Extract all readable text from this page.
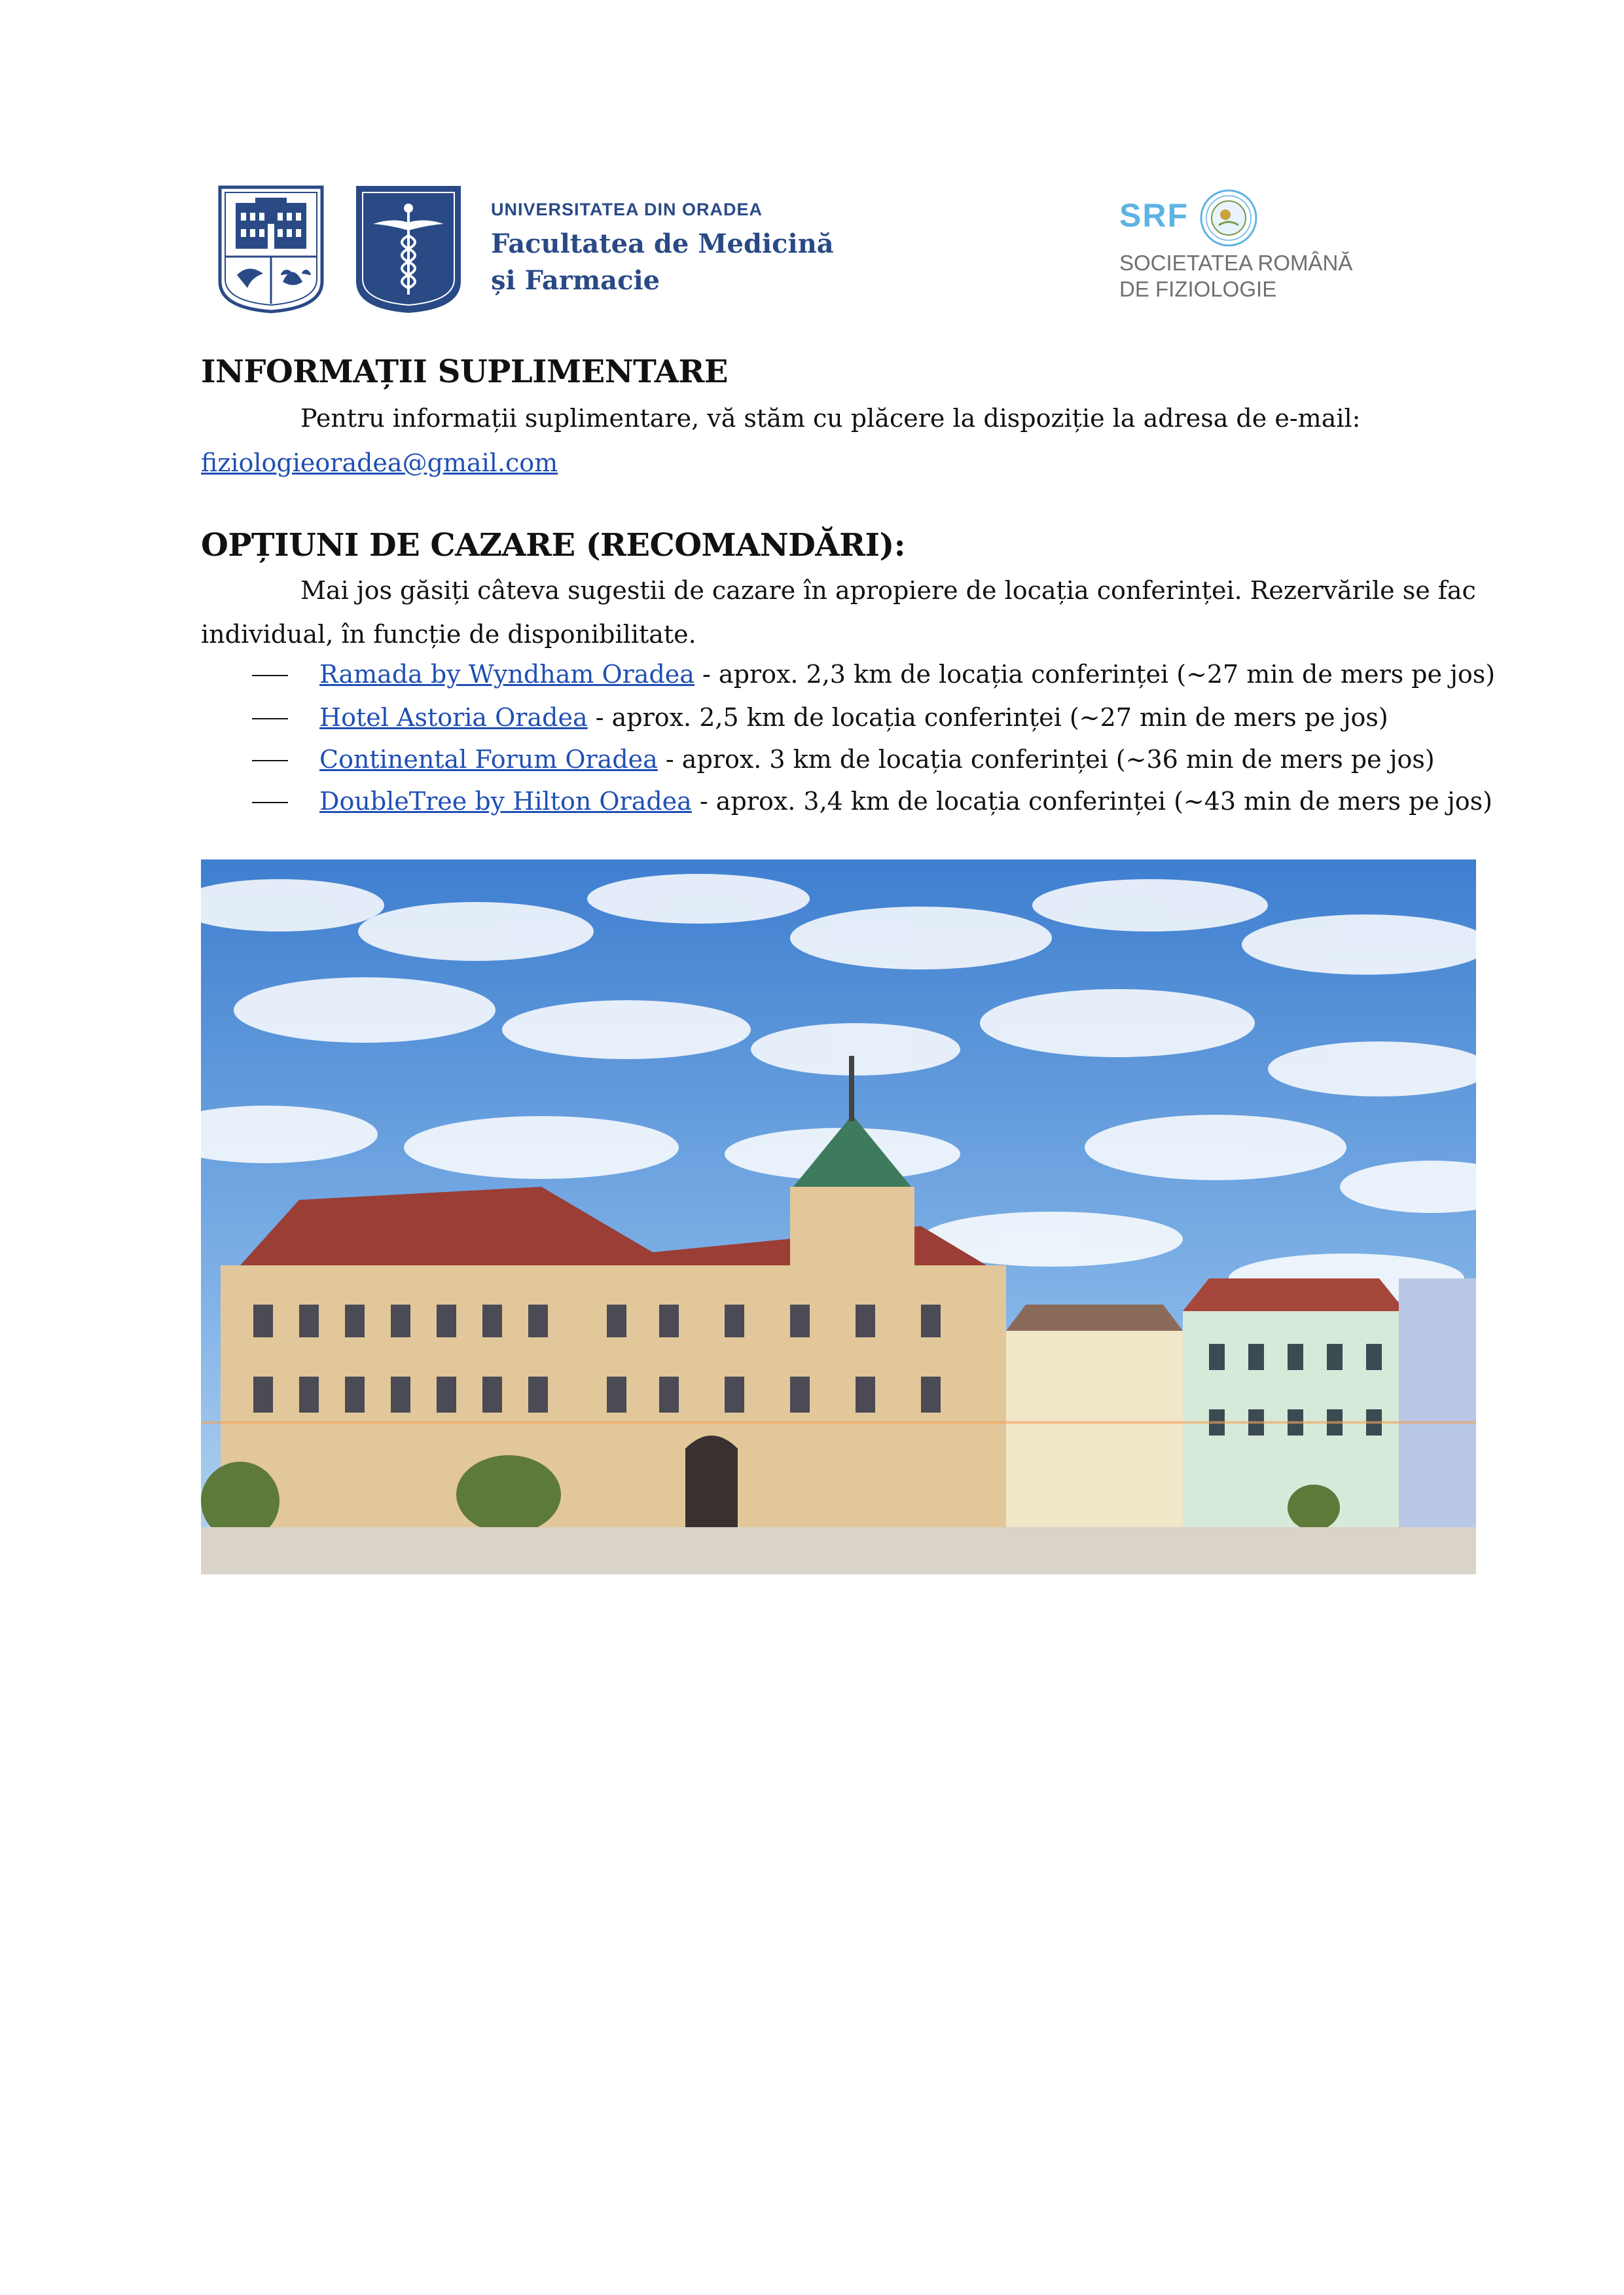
UNIVERSITATEA DIN ORADEA
Facultatea de Medicină
și Farmacie
SRF
SOCIETATEA ROMÂNĂ
DE FIZIOLOGIE
INFORMAȚII SUPLIMENTARE
Pentru informații suplimentare, vă stăm cu plăcere la dispoziție la adresa de e-mail:
fiziologieoradea@gmail.com
OPȚIUNI DE CAZARE (RECOMANDĂRI):
Mai jos găsiți câteva sugestii de cazare în apropiere de locația conferinței. Rezervările se fac
individual, în funcție de disponibilitate.
Ramada by Wyndham Oradea - aprox. 2,3 km de locația conferinței (~27 min de mers pe jos)
Hotel Astoria Oradea - aprox. 2,5 km de locația conferinței (~27 min de mers pe jos)
Continental Forum Oradea - aprox. 3 km de locația conferinței (~36 min de mers pe jos)
DoubleTree by Hilton Oradea - aprox. 3,4 km de locația conferinței (~43 min de mers pe jos)
